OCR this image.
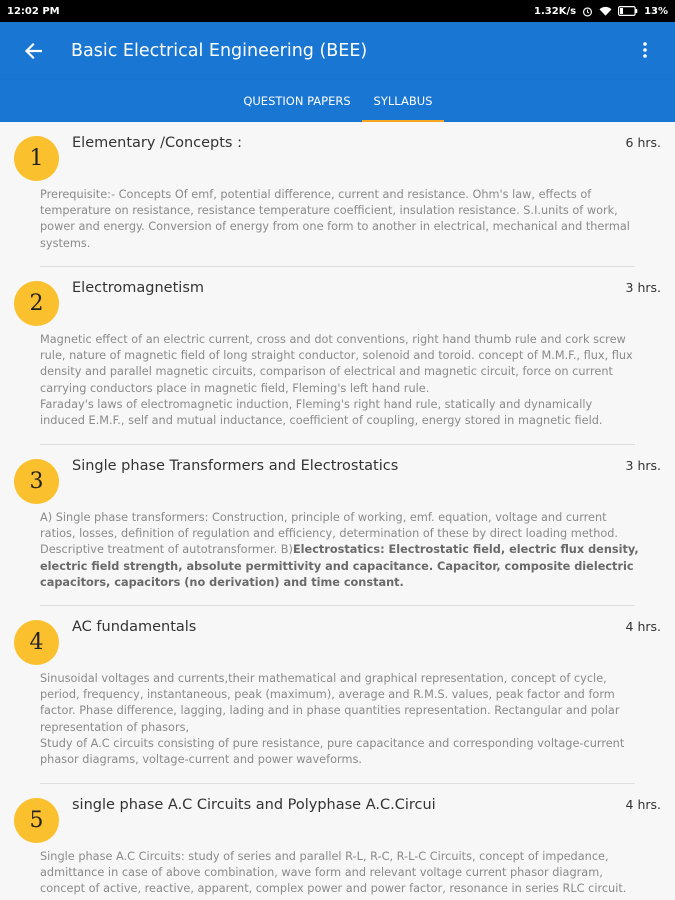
12:02 PM	1.32K/s	13%
Basic Electrical Engineering (BEE)
QUESTION PAPERS	SYLLABUS
1
Elementary /Concepts :	6 hrs.
Prerequisite:- Concepts Of emf, potential difference, current and resistance. Ohm's law, effects of temperature on resistance, resistance temperature coefficient, insulation resistance. S.I.units of work, power and energy. Conversion of energy from one form to another in electrical, mechanical and thermal systems.
2
Electromagnetism	3 hrs.
Magnetic effect of an electric current, cross and dot conventions, right hand thumb rule and cork screw rule, nature of magnetic field of long straight conductor, solenoid and toroid. concept of M.M.F., flux, flux density and parallel magnetic circuits, comparison of electrical and magnetic circuit, force on current carrying conductors place in magnetic field, Fleming's left hand rule.
Faraday's laws of electromagnetic induction, Fleming's right hand rule, statically and dynamically induced E.M.F., self and mutual inductance, coefficient of coupling, energy stored in magnetic field.
3
Single phase Transformers and Electrostatics	3 hrs.
A) Single phase transformers: Construction, principle of working, emf. equation, voltage and current ratios, losses, definition of regulation and efficiency, determination of these by direct loading method. Descriptive treatment of autotransformer. B)Electrostatics: Electrostatic field, electric flux density, electric field strength, absolute permittivity and capacitance. Capacitor, composite dielectric capacitors, capacitors (no derivation) and time constant.
4
AC fundamentals	4 hrs.
Sinusoidal voltages and currents,their mathematical and graphical representation, concept of cycle, period, frequency, instantaneous, peak (maximum), average and R.M.S. values, peak factor and form factor. Phase difference, lagging, lading and in phase quantities representation. Rectangular and polar representation of phasors,
Study of A.C circuits consisting of pure resistance, pure capacitance and corresponding voltage-current phasor diagrams, voltage-current and power waveforms.
5
single phase A.C Circuits and Polyphase A.C.Circui	4 hrs.
Single phase A.C Circuits: study of series and parallel R-L, R-C, R-L-C Circuits, concept of impedance, admittance in case of above combination, wave form and relevant voltage current phasor diagram, concept of active, reactive, apparent, complex power and power factor, resonance in series RLC circuit.
